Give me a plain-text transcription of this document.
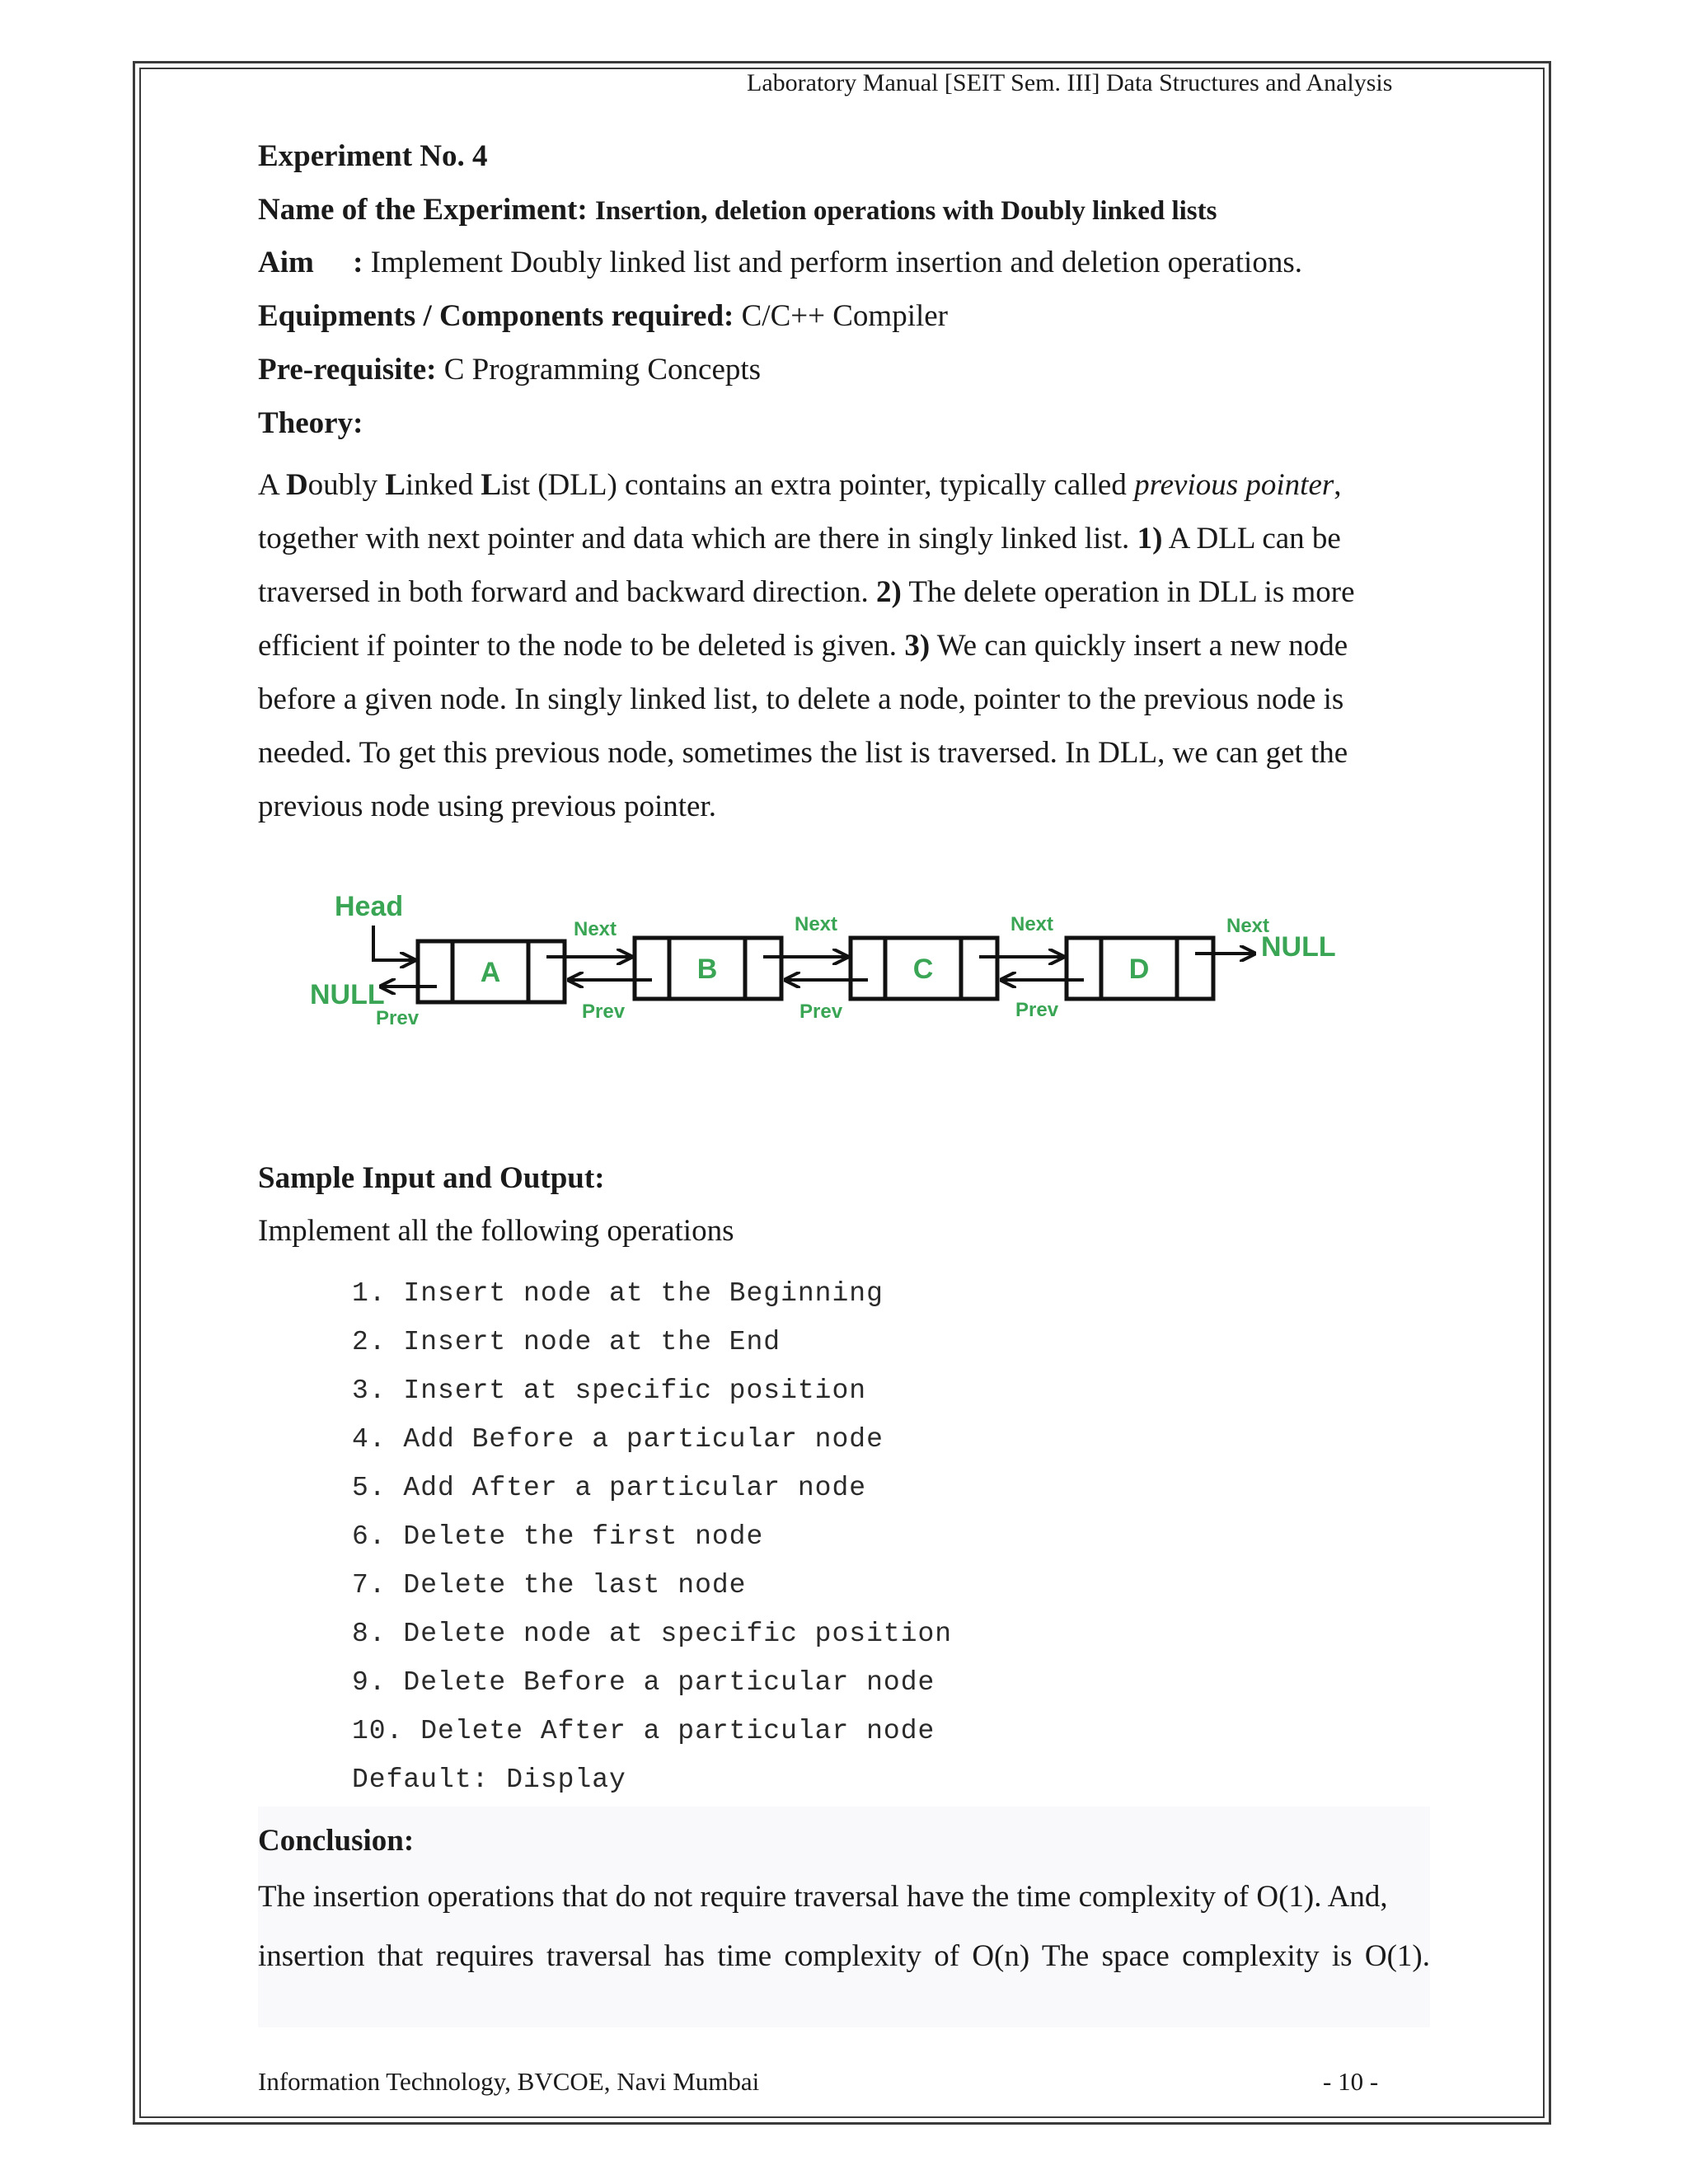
Laboratory Manual [SEIT Sem. III] Data Structures and Analysis
Experiment No. 4
Name of the Experiment: Insertion, deletion operations with Doubly linked lists
Aim : Implement Doubly linked list and perform insertion and deletion operations.
Equipments / Components required: C/C++ Compiler
Pre-requisite: C Programming Concepts
Theory:
A Doubly Linked List (DLL) contains an extra pointer, typically called previous pointer,
together with next pointer and data which are there in singly linked list. 1) A DLL can be
traversed in both forward and backward direction. 2) The delete operation in DLL is more
efficient if pointer to the node to be deleted is given. 3) We can quickly insert a new node
before a given node. In singly linked list, to delete a node, pointer to the previous node is
needed. To get this previous node, sometimes the list is traversed. In DLL, we can get the
previous node using previous pointer.
Head
NULL
NULL
Next	Next	Next	Next
Prev	Prev	Prev	Prev
A	B	C	D
Sample Input and Output:
Implement all the following operations
1. Insert node at the Beginning
2. Insert node at the End
3. Insert at specific position
4. Add Before a particular node
5. Add After a particular node
6. Delete the first node
7. Delete the last node
8. Delete node at specific position
9. Delete Before a particular node
10. Delete After a particular node
Default: Display
Conclusion:
The insertion operations that do not require traversal have the time complexity of O(1). And,
insertion that requires traversal has time complexity of O(n) The space complexity is O(1).
Information Technology, BVCOE, Navi Mumbai	- 10 -
